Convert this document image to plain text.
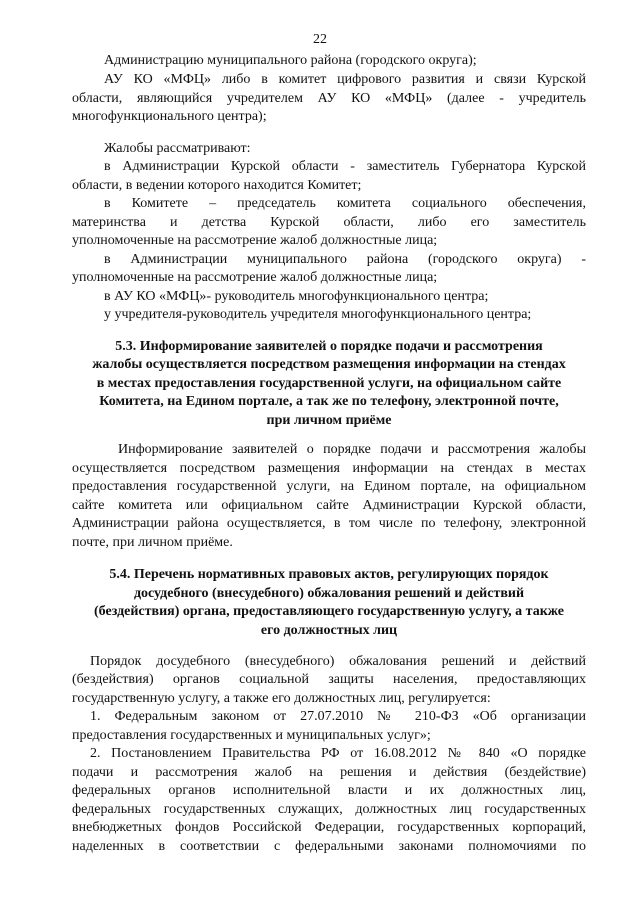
22
Администрацию муниципального района (городского округа);
АУ КО «МФЦ» либо в комитет цифрового развития и связи Курской
области, являющийся учредителем АУ КО «МФЦ» (далее - учредитель
многофункционального центра);
Жалобы рассматривают:
в Администрации Курской области - заместитель Губернатора Курской
области, в ведении которого находится Комитет;
в Комитете – председатель комитета социального обеспечения,
материнства и детства Курской области, либо его заместитель
уполномоченные на рассмотрение жалоб должностные лица;
в Администрации муниципального района (городского округа) -
уполномоченные на рассмотрение жалоб должностные лица;
в АУ КО «МФЦ»- руководитель многофункционального центра;
у учредителя-руководитель учредителя многофункционального центра;
5.3. Информирование заявителей о порядке подачи и рассмотрения
жалобы осуществляется посредством размещения информации на стендах
в местах предоставления государственной услуги, на официальном сайте
Комитета, на Едином портале, а так же по телефону, электронной почте,
при личном приёме
Информирование заявителей о порядке подачи и рассмотрения жалобы
осуществляется посредством размещения информации на стендах в местах
предоставления государственной услуги, на Едином портале, на официальном
сайте комитета или официальном сайте Администрации Курской области,
Администрации района осуществляется, в том числе по телефону, электронной
почте, при личном приёме.
5.4. Перечень нормативных правовых актов, регулирующих порядок
досудебного (внесудебного) обжалования решений и действий
(бездействия) органа, предоставляющего государственную услугу, а также
его должностных лиц
Порядок досудебного (внесудебного) обжалования решений и действий
(бездействия) органов социальной защиты населения, предоставляющих
государственную услугу, а также его должностных лиц, регулируется:
1. Федеральным законом от 27.07.2010 № 210-ФЗ «Об организации
предоставления государственных и муниципальных услуг»;
2. Постановлением Правительства РФ от 16.08.2012 № 840 «О порядке
подачи и рассмотрения жалоб на решения и действия (бездействие)
федеральных органов исполнительной власти и их должностных лиц,
федеральных государственных служащих, должностных лиц государственных
внебюджетных фондов Российской Федерации, государственных корпораций,
наделенных в соответствии с федеральными законами полномочиями по
